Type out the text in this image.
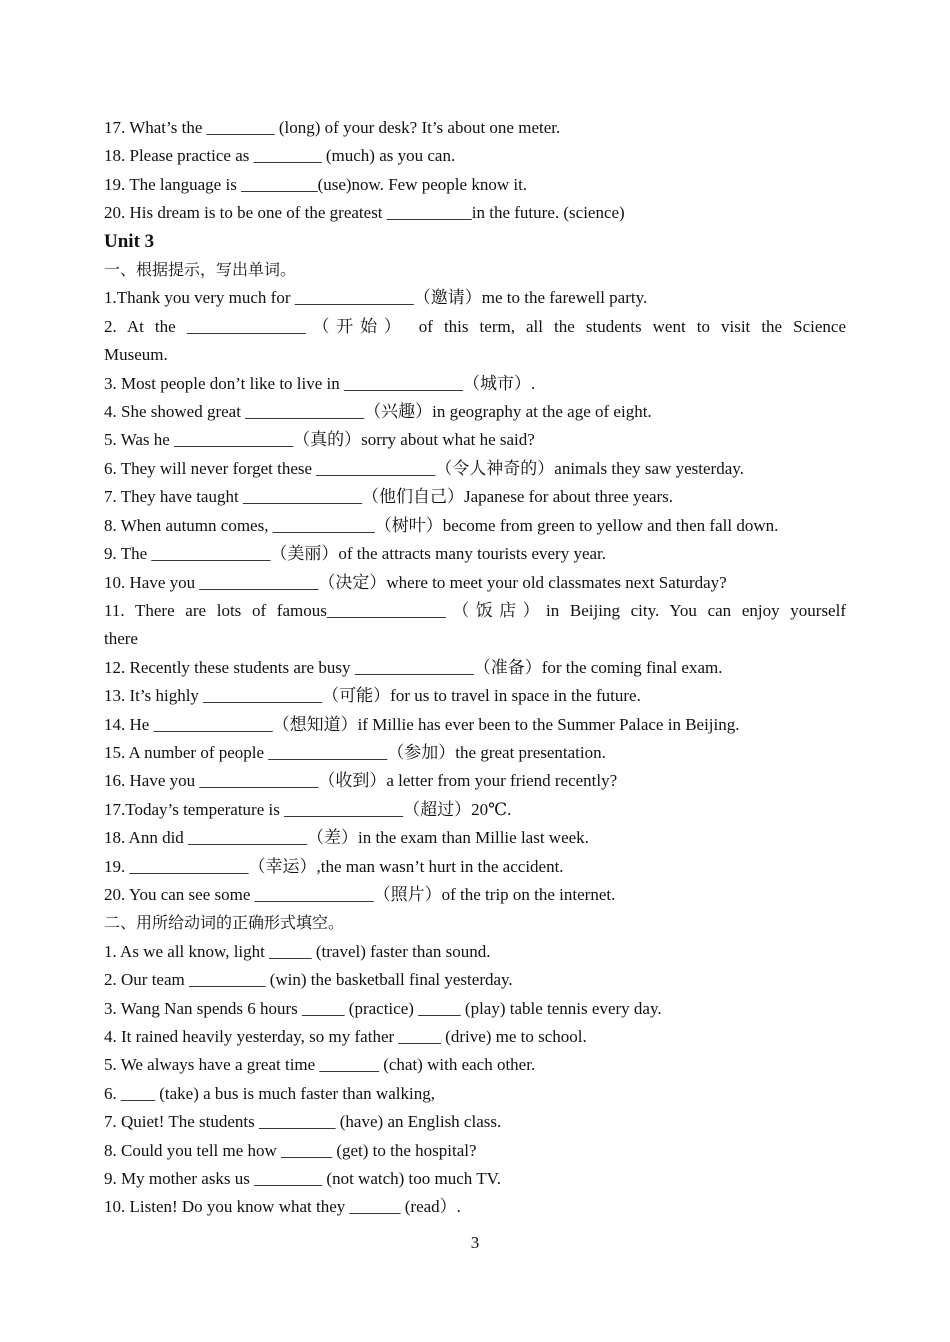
17. What’s the ________ (long) of your desk? It’s about one meter.

18. Please practice as ________ (much) as you can.

19. The language is _________(use)now. Few people know it.

20. His dream is to be one of the greatest __________in the future. (science)

Unit 3

一、根据提示，写出单词。

1.Thank you very much for ______________（邀请）me to the farewell party.

2. At the ______________（开始） of this term, all the students went to visit the Science

Museum.

3. Most people don’t like to live in ______________（城市）.

4. She showed great ______________（兴趣）in geography at the age of eight.

5. Was he ______________（真的）sorry about what he said?

6. They will never forget these ______________（令人神奇的）animals they saw yesterday.

7. They have taught ______________（他们自己）Japanese for about three years.

8. When autumn comes, ____________（树叶）become from green to yellow and then fall down.

9. The ______________（美丽）of the attracts many tourists every year.

10. Have you ______________（决定）where to meet your old classmates next Saturday?

11. There are lots of famous______________（饭店）in Beijing city. You can enjoy yourself

there

12. Recently these students are busy ______________（准备）for the coming final exam.

13. It’s highly ______________（可能）for us to travel in space in the future.

14. He ______________（想知道）if Millie has ever been to the Summer Palace in Beijing.

15. A number of people ______________（参加）the great presentation.

16. Have you ______________（收到）a letter from your friend recently?

17.Today’s temperature is ______________（超过）20℃.

18. Ann did ______________（差）in the exam than Millie last week.

19. ______________（幸运）,the man wasn’t hurt in the accident.

20. You can see some ______________（照片）of the trip on the internet.

二、用所给动词的正确形式填空。

1. As we all know, light _____ (travel) faster than sound.

2. Our team _________ (win) the basketball final yesterday.

3. Wang Nan spends 6 hours _____ (practice) _____ (play) table tennis every day.

4. It rained heavily yesterday, so my father _____ (drive) me to school.

5. We always have a great time _______ (chat) with each other.

6. ____ (take) a bus is much faster than walking,

7. Quiet! The students _________ (have) an English class.

8. Could you tell me how ______ (get) to the hospital?

9. My mother asks us ________ (not watch) too much TV.

10. Listen! Do you know what they ______ (read）.

3
